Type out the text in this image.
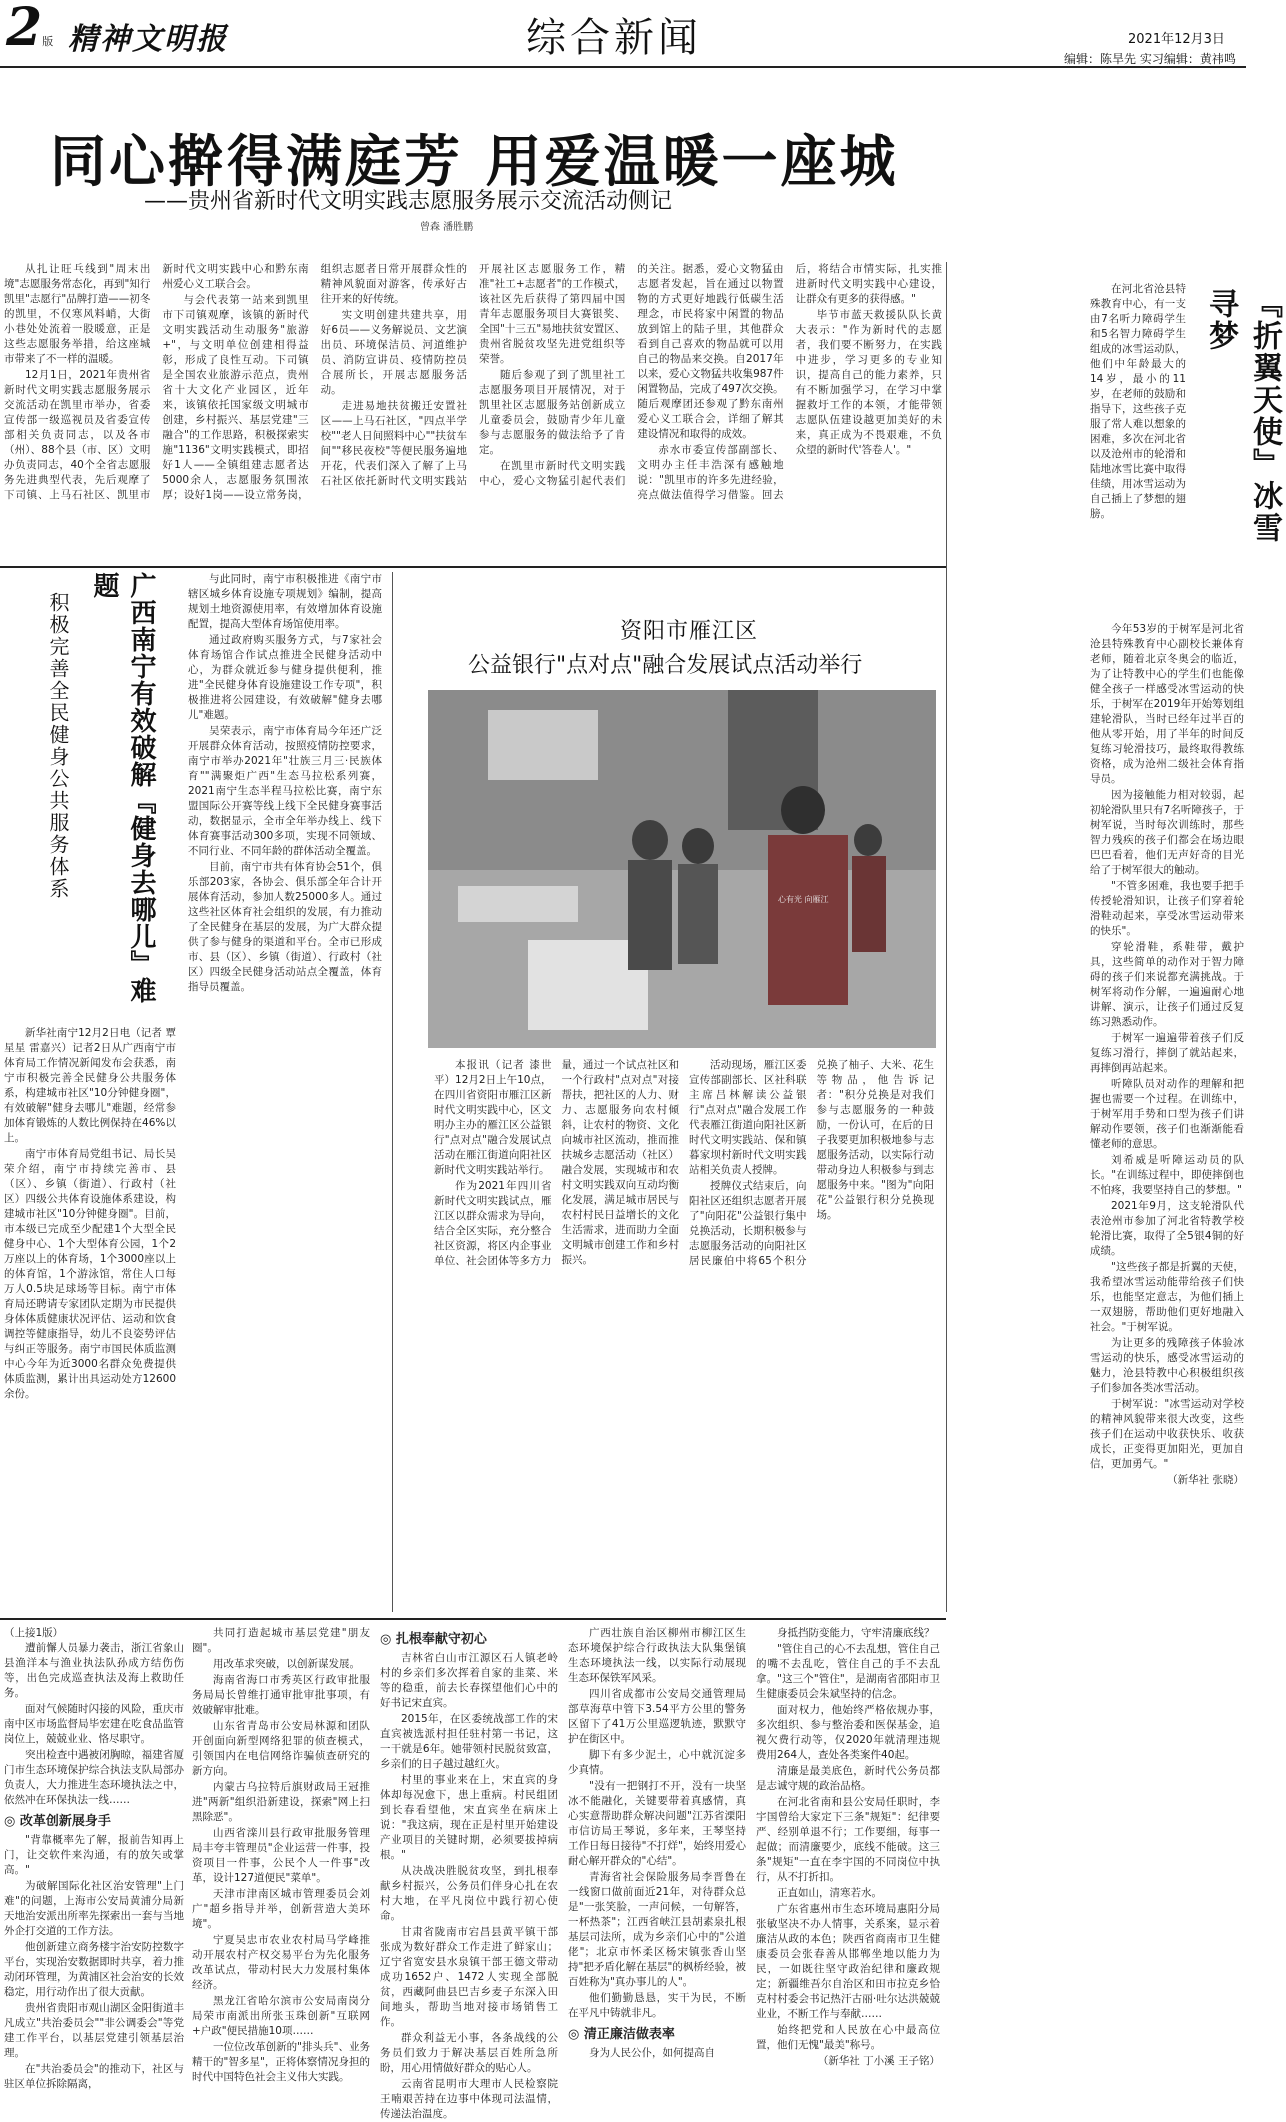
2版 精神文明报	综合新闻	2021年12月3日
编辑：陈旱先 实习编辑：黄祎鸣
同心擀得满庭芳 用爱温暖一座城
——贵州省新时代文明实践志愿服务展示交流活动侧记
曾森 潘胜鹏

从扎让旺乓线到"周末出境"志愿服务常态化，再到"知行凯里"志愿行"品牌打造——初冬的凯里，不仅寒风料峭，大街小巷处处流着一股暖意，正是这些志愿服务举措，给这座城市带来了不一样的温暖。

12月1日，2021年贵州省新时代文明实践志愿服务展示交流活动在凯里市举办，省委宣传部一级巡视员及省委宣传部相关负责同志，以及各市（州）、88个县（市、区）文明办负责同志，40个全省志愿服务先进典型代表，先后观摩了下司镇、上马石社区、凯里市新时代文明实践中心和黔东南州爱心义工联合会。

与会代表第一站来到凯里市下司镇观摩，该镇的新时代文明实践活动生动服务"旅游+"，与文明单位创建相得益彰，形成了良性互动。下司镇是全国农业旅游示范点，贵州省十大文化产业园区，近年来，该镇依托国家级文明城市创建，乡村振兴、基层党建"三融合"的工作思路，积极探索实施"1136"文明实践模式，即招好1人——全镇组建志愿者达5000余人，志愿服务氛围浓厚；设好1岗——设立常务岗，组织志愿者日常开展群众性的精神风貌面对游客，传承好古往开来的好传统。

实文明创建共建共享，用好6员——义务解说员、文艺演出员、环境保洁员、河道维护员、消防宣讲员、疫情防控员合展所长，开展志愿服务活动。

走进易地扶贫搬迁安置社区——上马石社区，"四点半学校""老人日间照料中心""扶贫车间""移民夜校"等便民服务遍地开花，代表们深入了解了上马石社区依托新时代文明实践站开展社区志愿服务工作，精准"社工+志愿者"的工作模式，该社区先后获得了第四届中国青年志愿服务项目大赛银奖、全国"十三五"易地扶贫安置区、贵州省脱贫攻坚先进党组织等荣誉。

随后参观了到了凯里社工志愿服务项目开展情况，对于凯里社区志愿服务站创新成立儿童委员会，鼓励青少年儿童参与志愿服务的做法给予了肯定。

在凯里市新时代文明实践中心，爱心文物猛引起代表们的关注。据悉，爱心文物猛由志愿者发起，旨在通过以物置物的方式更好地践行低碳生活理念，市民将家中闲置的物品放到馆上的陆子里，其他群众看到自己喜欢的物品就可以用自己的物品来交换。自2017年以来，爱心文物猛共收集987件闲置物品，完成了497次交换。随后观摩团还参观了黔东南州爱心义工联合会，详细了解其建设情况和取得的成效。

赤水市委宣传部副部长、文明办主任丰浩深有感触地说："凯里市的许多先进经验，亮点做法值得学习借鉴。回去后，将结合市情实际，扎实推进新时代文明实践中心建设，让群众有更多的获得感。"

毕节市蓝天救援队队长黄大表示："作为新时代的志愿者，我们要不断努力，在实践中进步，学习更多的专业知识，提高自己的能力素养，只有不断加强学习，在学习中掌握救圩工作的本领，才能带领志愿队伍建设越更加美好的未来，真正成为不畏艰难，不负众望的新时代'答卷人'。"	『折翼天使』冰雪寻梦

在河北省沧县特殊教育中心，有一支由7名听力障碍学生和5名智力障碍学生组成的冰雪运动队，他们中年龄最大的14岁，最小的11岁，在老师的鼓励和指导下，这些孩子克服了常人难以想象的困难，多次在河北省以及沧州市的轮滑和陆地冰雪比赛中取得佳绩，用冰雪运动为自己插上了梦想的翅膀。

今年53岁的于树军是河北省沧县特殊教育中心副校长兼体育老师，随着北京冬奥会的临近，为了让特教中心的学生们也能像健全孩子一样感受冰雪运动的快乐，于树军在2019年开始筹划组建轮滑队，当时已经年过半百的他从零开始，用了半年的时间反复练习轮滑技巧，最终取得教练资格，成为沧州二级社会体育指导员。

因为接触能力相对较弱，起初轮滑队里只有7名听障孩子，于树军说，当时每次训练时，那些智力残疾的孩子们都会在场边眼巴巴看着，他们无声好奇的目光给了于树军很大的触动。

"不管多困难，我也要手把手传授轮滑知识，让孩子们穿着轮滑鞋动起来，享受冰雪运动带来的快乐"。

穿轮滑鞋，系鞋带，戴护具，这些简单的动作对于智力障碍的孩子们来说都充满挑战。于树军将动作分解，一遍遍耐心地讲解、演示，让孩子们通过反复练习熟悉动作。

于树军一遍遍带着孩子们反复练习滑行，摔倒了就站起来，再摔倒再站起来。

听障队员对动作的理解和把握也需要一个过程。在训练中，于树军用手势和口型为孩子们讲解动作要领，孩子们也渐渐能看懂老师的意思。

刘希威是听障运动员的队长。"在训练过程中，即使摔倒也不怕疼，我要坚持自己的梦想。"

2021年9月，这支轮滑队代表沧州市参加了河北省特教学校轮滑比赛，取得了全5银4铜的好成绩。

"这些孩子都是折翼的天使，我希望冰雪运动能带给孩子们快乐，也能坚定意志，为他们插上一双翅膀，帮助他们更好地融入社会。"于树军说。

为让更多的残障孩子体验冰雪运动的快乐，感受冰雪运动的魅力，沧县特教中心积极组织孩子们参加各类冰雪活动。

于树军说："冰雪运动对学校的精神风貌带来很大改变，这些孩子们在运动中收获快乐、收获成长，正变得更加阳光，更加自信，更加勇气。"

（新华社 张晓）

广西南宁有效破解『健身去哪儿』难题
积极完善全民健身公共服务体系

新华社南宁12月2日电（记者 覃星星 雷嘉兴）记者2日从广西南宁市体育局工作情况新闻发布会获悉，南宁市积极完善全民健身公共服务体系，构建城市社区"10分钟健身圈"，有效破解"健身去哪儿"难题，经常参加体育锻炼的人数比例保持在46%以上。

南宁市体育局党组书记、局长吴荣介绍，南宁市持续完善市、县（区）、乡镇（街道）、行政村（社区）四级公共体育设施体系建设，构建城市社区"10分钟健身圈"。目前，市本级已完成至少配建1个大型全民健身中心、1个大型体育公园，1个2万座以上的体育场，1个3000座以上的体育馆，1个游泳馆，常住人口每万人0.5块足球场等目标。南宁市体育局还聘请专家团队定期为市民提供身体体质健康状况评估、运动和饮食调控等健康指导，幼儿不良姿势评估与纠正等服务。南宁市国民体质监测中心今年为近3000名群众免费提供体质监测，累计出具运动处方12600余份。

与此同时，南宁市积极推进《南宁市辖区城乡体育设施专项规划》编制，提高规划土地资源使用率，有效增加体育设施配置，提高大型体育场馆使用率。

通过政府购买服务方式，与7家社会体育场馆合作试点推进全民健身活动中心，为群众就近参与健身提供便利，推进"全民健身体育设施建设工作专项"，积极推进将公园建设，有效破解"健身去哪儿"难题。

吴荣表示，南宁市体育局今年还广泛开展群众体育活动，按照疫情防控要求，南宁市举办2021年"壮族三月三·民族体育""满聚炬广西"生态马拉松系列赛，2021南宁生态半程马拉松比赛，南宁东盟国际公开赛等线上线下全民健身赛事活动，数据显示，全市全年举办线上、线下体育赛事活动300多项，实现不同领域、不同行业、不同年龄的群体活动全覆盖。

目前，南宁市共有体育协会51个，俱乐部203家，各协会、俱乐部全年合计开展体育活动，参加人数25000多人。通过这些社区体育社会组织的发展，有力推动了全民健身在基层的发展，为广大群众提供了参与健身的渠道和平台。全市已形成市、县（区）、乡镇（街道）、行政村（社区）四级全民健身活动站点全覆盖，体育指导员覆盖。

资阳市雁江区
公益银行"点对点"融合发展试点活动举行
心有光 向雁江

本报讯（记者 漆世平）12月2日上午10点，在四川省资阳市雁江区新时代文明实践中心，区文明办主办的雁江区公益银行"点对点"融合发展试点活动在雁江街道向阳社区新时代文明实践站举行。

作为2021年四川省新时代文明实践试点，雁江区以群众需求为导向，结合全区实际，充分整合社区资源，将区内企事业单位、社会团体等多方力量，通过一个试点社区和一个行政村"点对点"对接帮扶，把社区的人力、财力、志愿服务向农村倾斜，让农村的物资、文化向城市社区流动，推而推扶城乡志愿活动（社区）融合发展，实现城市和农村文明实践双向互动均衡化发展，满足城市居民与农村村民日益增长的文化生活需求，进而助力全面文明城市创建工作和乡村振兴。

活动现场，雁江区委宣传部副部长、区社科联主席吕林解读公益银行"点对点"融合发展工作代表雁江街道向阳社区新时代文明实践站、保和镇暮家坝村新时代文明实践站相关负责人授牌。

授牌仪式结束后，向阳社区还组织志愿者开展了"向阳花"公益银行集中兑换活动，长期积极参与志愿服务活动的向阳社区居民廉伯中将65个积分兑换了柚子、大米、花生等物品，他告诉记者："积分兑换是对我们参与志愿服务的一种鼓励，一份认可，在后的日子我要更加积极地参与志愿服务活动，以实际行动带动身边人积极参与到志愿服务中来。"图为"向阳花"公益银行积分兑换现场。

（上接1版）

遭前懈人员暴力袭击，浙江省象山县渔洋本与渔业执法队孙成方结伤伤等，出色完成巡查执法及海上救助任务。

面对气候随时闪接的风险，重庆市南中区市场监督局毕宏建在吃食品监管岗位上，兢兢业业、恪尽职守。

突出检查中遇被闭胸晾，福建省厦门市生态环境保护综合执法支队局部办负责人，大力推进生态环境执法之中，依然冲在环保执法一线……

◎ 改革创新展身手

"背靠概率先了解，报前告知再上门，让交软件来沟通，有的放矢或掌高。"

为破解国际化社区治安管理"上门难"的问题，上海市公安局黄浦分局新天地治安派出所率先探索出一套与当地外企打交道的工作方法。

他创新建立商务楼宇治安防控数字平台，实现治安数据即时共享，着力推动闭环管理，为黄浦区社会治安的长效稳定，用行动作出了很大贡献。

贵州省贵阳市观山湖区金阳街道丰凡成立"共治委员会""非公调委会"等党建工作平台，以基层党建引领基层治理。

在"共治委员会"的推动下，社区与驻区单位拆除隔离，

共同打造起城市基层党建"朋友圈"。

用改革求突破，以创新谋发展。

海南省海口市秀英区行政审批服务局局长曾维打通审批审批事项，有效破解审批难。

山东省青岛市公安局林源和团队开创面向新型网络犯罪的侦查模式，引领国内在电信网络诈骗侦查研究的新方向。

内蒙古乌拉特后旗财政局王冠推进"两新"组织沿新建设，探索"网上扫黑除恶"。

山西省滦川县行政审批服务管理局丰夸丰管理员"企业运营一件事，投资项目一件事，公民个人一件事"改革，设计127道便民"菜单"。

天津市津南区城市管理委员会刘广"超乡指导并举，创新营造大美环境"。

宁夏吴忠市农业农村局马学峰推动开展农村产权交易平台为先化服务改革试点，带动村民大力发展村集体经济。

黑龙江省哈尔滨市公安局南岗分局荣市南派出所张玉珠创新"互联网+户政"便民措施10项……

一位位改革创新的"排头兵"、业务精干的"智多星"，正将体察情况身担的时代中国特色社会主义伟大实践。

◎ 扎根奉献守初心

吉林省白山市江源区石人镇老岭村的乡亲们多次挥着自家的韭菜、米等的稳重，前去长春探望他们心中的好书记宋直宾。

2015年，在区委统战部工作的宋直宾被选派村担任驻村第一书记，这一干就是6年。她带领村民脱贫致富，乡亲们的日子越过越红火。

村里的事业来在上，宋直宾的身体却每况愈下，患上重病。村民组团到长春看望他，宋直宾坐在病床上说："我这病，现在正是村里开始建设产业项目的关键时期，必须要拔掉病根。"

从决战决胜脱贫攻坚，到扎根奉献乡村振兴，公务员们伴身心扎在农村大地，在平凡岗位中践行初心使命。

甘肃省陇南市宕昌县黄平镇干部张成为数好群众工作走进了鲜家山；辽宁省宽安县水泉镇干部王德文带动成功1652户、1472人实现全部脱贫，西藏阿曲县巴吉乡麦子东深入田间地头，帮助当地对接市场销售工作。

群众利益无小事，各条战线的公务员们致力于解决基层百姓所急所盼，用心用情做好群众的贴心人。

云南省昆明市大理市人民检察院王喃艰苦持在边事中体现司法温情，传递法治温度。

广西壮族自治区柳州市柳江区生态环境保护综合行政执法大队集堡镇生态环境执法一线，以实际行动展现生态环保铁军风采。

四川省成都市公安局交通管理局部草海草中管下3.54平方公里的警务区留下了41万公里巡逻轨迹，默默守护在街区中。

脚下有多少泥土，心中就沉淀多少真情。

"没有一把钢打不开，没有一块坚冰不能融化，关键要带着真感情，真心实意帮助群众解决问题"江苏省溧阳市信访局王琴说，多年来，王琴坚持工作日每日接待"不打烊"，始终用爱心耐心解开群众的"心结"。

青海省社会保险服务局李晋鲁在一线窗口做前面近21年，对待群众总是"一张笑脸，一声问候，一句解答，一杯热茶"；江西省峡江县胡素泉扎根基层司法所，成为乡亲们心中的"公道佬"；北京市怀柔区杨宋镇张香山坚持"把矛盾化解在基层"的枫桥经验，被百姓称为"真办事儿的人"。

他们勤勤恳恳，实干为民，不断在平凡中铸就非凡。

◎ 清正廉洁做表率

身为人民公仆，如何提高自

身抵挡防变能力，守牢清廉底线？

"管住自己的心不去乱想，管住自己的嘴不去乱吃，管住自己的手不去乱拿。"这三个"管住"，是湖南省邵阳市卫生健康委员会朱斌坚持的信念。

面对权力，他始终严格依规办事，多次组织、参与整治委和医保基金，追视欠费行动等，仅2020年就清理违规费用264人，查处各类案件40起。

清廉是最美底色，新时代公务员都是志诚守规的政治品格。

在河北省南和县公安局任职时，李宇国曾给大家定下三条"规矩"：纪律要严、经别单退不行；工作要细，每事一起做；而清廉要少，底线不能破。这三条"规矩"一直在李宇国的不同岗位中执行，从不打折扣。

正直如山，清寒若水。

广东省惠州市生态环境局惠阳分局张敏坚决不办人情事，关系案，显示着廉洁从政的本色；陕西省商南市卫生健康委员会张春善从邯郸坐地以能力为民，一如既往坚守政治纪律和廉政规定；新疆维吾尔自治区和田市拉克乡恰克村村委会书记热汗古丽·吐尔达洪兢兢业业，不断工作与奉献……

始终把党和人民放在心中最高位置，他们无愧"最美"称号。

（新华社 丁小溪 王子铭）
